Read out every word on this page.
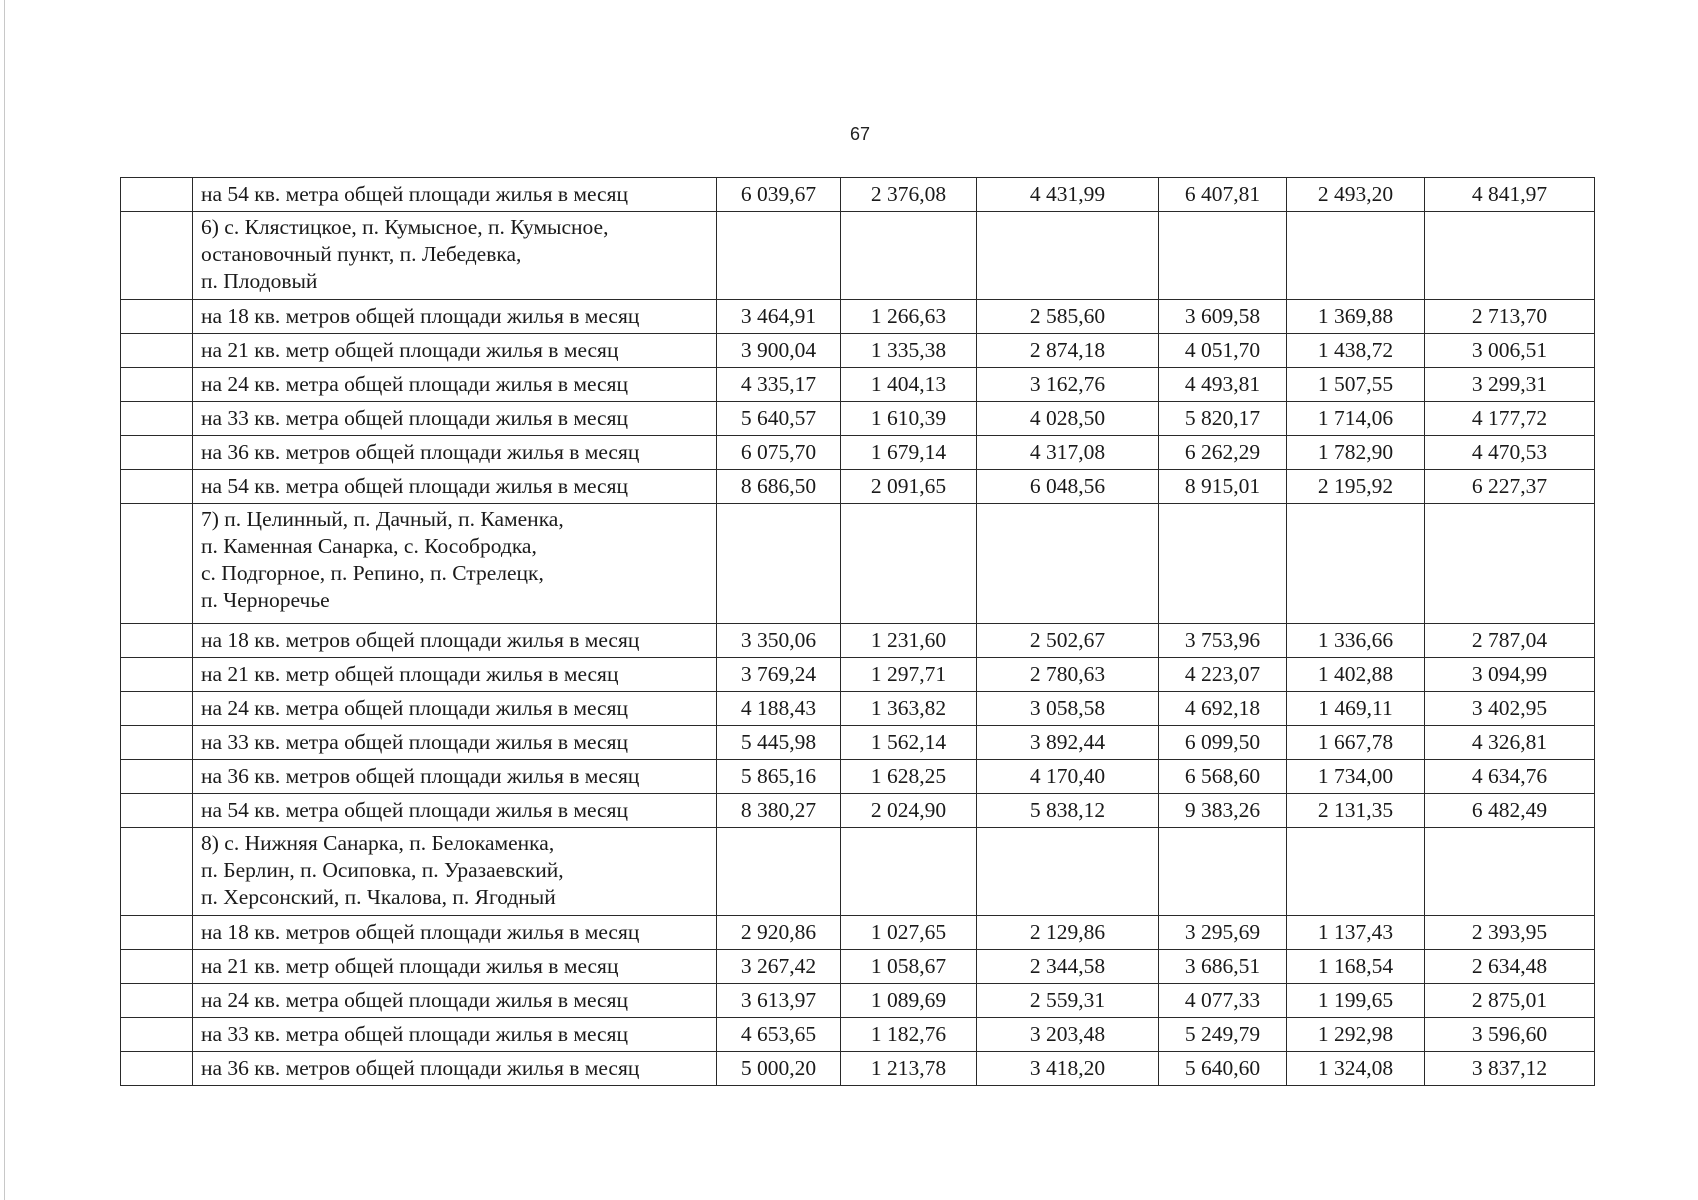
67
	на 54 кв. метра общей площади жилья в месяц	6 039,67	2 376,08	4 431,99	6 407,81	2 493,20	4 841,97

	6) с. Клястицкое, п. Кумысное, п. Кумысное,
остановочный пункт, п. Лебедевка,
п. Плодовый						

	на 18 кв. метров общей площади жилья в месяц	3 464,91	1 266,63	2 585,60	3 609,58	1 369,88	2 713,70
	на 21 кв. метр общей площади жилья в месяц	3 900,04	1 335,38	2 874,18	4 051,70	1 438,72	3 006,51
	на 24 кв. метра общей площади жилья в месяц	4 335,17	1 404,13	3 162,76	4 493,81	1 507,55	3 299,31
	на 33 кв. метра общей площади жилья в месяц	5 640,57	1 610,39	4 028,50	5 820,17	1 714,06	4 177,72
	на 36 кв. метров общей площади жилья в месяц	6 075,70	1 679,14	4 317,08	6 262,29	1 782,90	4 470,53
	на 54 кв. метра общей площади жилья в месяц	8 686,50	2 091,65	6 048,56	8 915,01	2 195,92	6 227,37

	7) п. Целинный, п. Дачный, п. Каменка,
п. Каменная Санарка, с. Кособродка,
с. Подгорное, п. Репино, п. Стрелецк,
п. Черноречье						

	на 18 кв. метров общей площади жилья в месяц	3 350,06	1 231,60	2 502,67	3 753,96	1 336,66	2 787,04
	на 21 кв. метр общей площади жилья в месяц	3 769,24	1 297,71	2 780,63	4 223,07	1 402,88	3 094,99
	на 24 кв. метра общей площади жилья в месяц	4 188,43	1 363,82	3 058,58	4 692,18	1 469,11	3 402,95
	на 33 кв. метра общей площади жилья в месяц	5 445,98	1 562,14	3 892,44	6 099,50	1 667,78	4 326,81
	на 36 кв. метров общей площади жилья в месяц	5 865,16	1 628,25	4 170,40	6 568,60	1 734,00	4 634,76
	на 54 кв. метра общей площади жилья в месяц	8 380,27	2 024,90	5 838,12	9 383,26	2 131,35	6 482,49

	8) с. Нижняя Санарка, п. Белокаменка,
п. Берлин, п. Осиповка, п. Уразаевский,
п. Херсонский, п. Чкалова, п. Ягодный						

	на 18 кв. метров общей площади жилья в месяц	2 920,86	1 027,65	2 129,86	3 295,69	1 137,43	2 393,95
	на 21 кв. метр общей площади жилья в месяц	3 267,42	1 058,67	2 344,58	3 686,51	1 168,54	2 634,48
	на 24 кв. метра общей площади жилья в месяц	3 613,97	1 089,69	2 559,31	4 077,33	1 199,65	2 875,01
	на 33 кв. метра общей площади жилья в месяц	4 653,65	1 182,76	3 203,48	5 249,79	1 292,98	3 596,60
	на 36 кв. метров общей площади жилья в месяц	5 000,20	1 213,78	3 418,20	5 640,60	1 324,08	3 837,12
